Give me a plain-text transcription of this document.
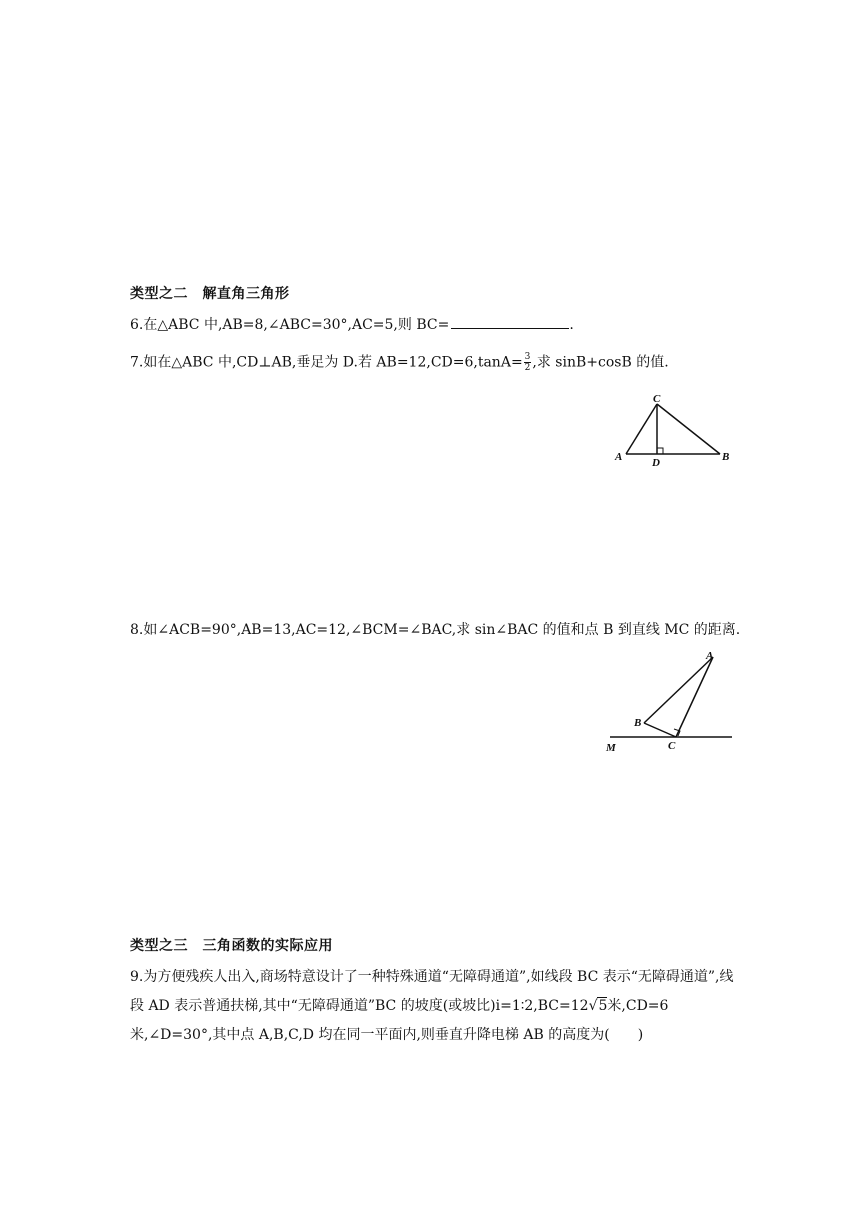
类型之二　解直角三角形
6.在△ABC 中,AB=8,∠ABC=30°,AC=5,则 BC=	.
7.如在△ABC 中,CD⊥AB,垂足为 D.若 $AB=12,CD=6,\tan A= \frac{3}{2}$ ,求 sinB+cosB 的值.
C
A	D	B
8.如∠ACB=90°,AB=13,AC=12,∠BCM=∠BAC,求 sin∠BAC 的值和点 B 到直线 MC 的距离.
A
B
C
M
类型之三　三角函数的实际应用
9.为方便残疾人出入,商场特意设计了一种特殊通道“无障碍通道”,如线段 BC 表示“无障碍通道”,线段 AD 表示普通扶梯,其中“无障碍通道”BC 的坡度(或坡比)i=1∶2,BC=12√5米,CD=6 米,∠D=30°,其中点 A,B,C,D 均在同一平面内,则垂直升降电梯 AB 的高度为(　　)
